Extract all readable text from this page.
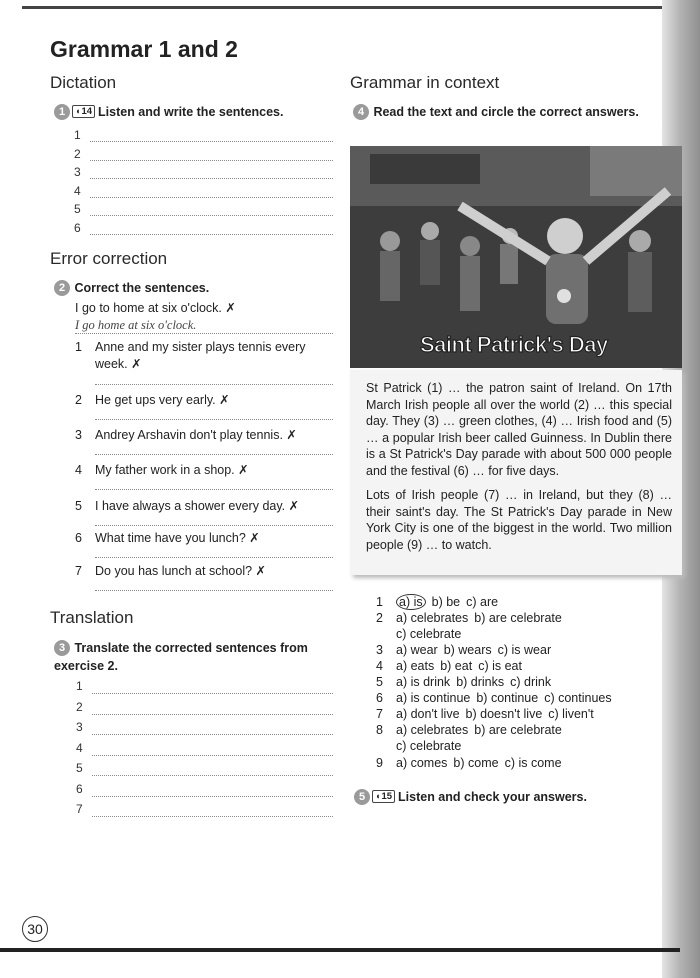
Grammar 1 and 2
Dictation
1 ◖ 14 Listen and write the sentences.
1
2
3
4
5
6
Error correction
2 Correct the sentences.
I go to home at six o'clock. ✗
I go home at six o'clock.
1 Anne and my sister plays tennis every week. ✗
2 He get ups very early. ✗
3 Andrey Arshavin don't play tennis. ✗
4 My father work in a shop. ✗
5 I have always a shower every day. ✗
6 What time have you lunch? ✗
7 Do you has lunch at school? ✗
Translation
3 Translate the corrected sentences from exercise 2.
1
2
3
4
5
6
7
Grammar in context
4 Read the text and circle the correct answers.
Saint Patrick's Day
St Patrick (1) … the patron saint of Ireland. On 17th March Irish people all over the world (2) … this special day. They (3) … green clothes, (4) … Irish food and (5) … a popular Irish beer called Guinness. In Dublin there is a St Patrick's Day parade with about 500 000 people and the festival (6) … for five days.
Lots of Irish people (7) … in Ireland, but they (8) … their saint's day. The St Patrick's Day parade in New York City is one of the biggest in the world. Two million people (9) … to watch.
1 a) is b) be c) are
2 a) celebrates b) are celebrate
c) celebrate
3 a) wear b) wears c) is wear
4 a) eats b) eat c) is eat
5 a) is drink b) drinks c) drink
6 a) is continue b) continue c) continues
7 a) don't live b) doesn't live c) liven't
8 a) celebrates b) are celebrate
c) celebrate
9 a) comes b) come c) is come
5 ◖ 15 Listen and check your answers.
30
